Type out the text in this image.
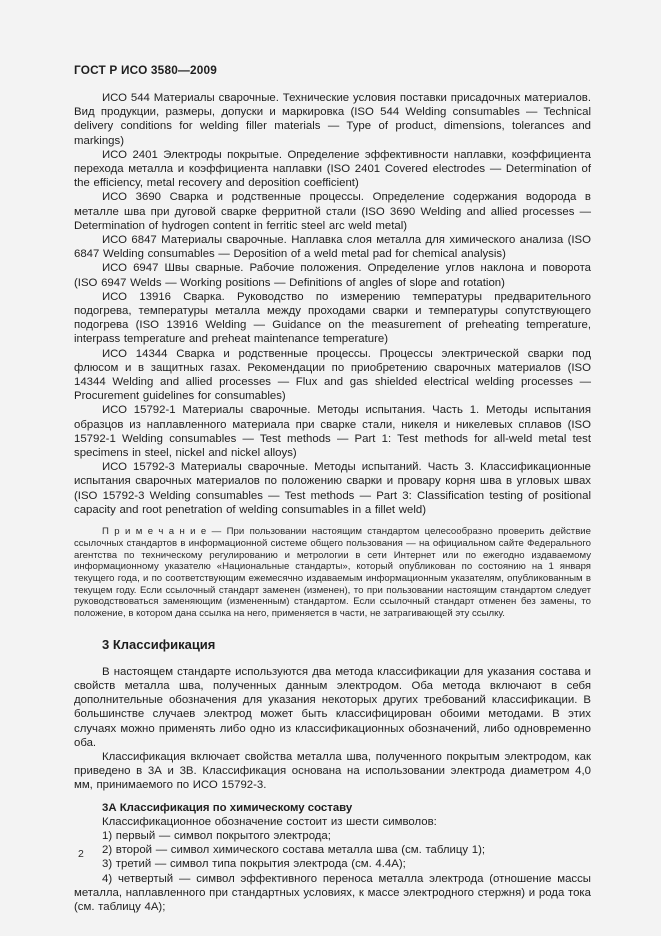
ГОСТ Р ИСО 3580—2009

ИСО 544 Материалы сварочные. Технические условия поставки присадочных материалов. Вид продукции, размеры, допуски и маркировка (ISO 544 Welding consumables — Technical delivery conditions for welding filler materials — Type of product, dimensions, tolerances and markings)

ИСО 2401 Электроды покрытые. Определение эффективности наплавки, коэффициента перехода металла и коэффициента наплавки (ISO 2401 Covered electrodes — Determination of the efficiency, metal recovery and deposition coefficient)

ИСО 3690 Сварка и родственные процессы. Определение содержания водорода в металле шва при дуговой сварке ферритной стали (ISO 3690 Welding and allied processes — Determination of hydrogen content in ferritic steel arc weld metal)

ИСО 6847 Материалы сварочные. Наплавка слоя металла для химического анализа (ISO 6847 Welding consumables — Deposition of a weld metal pad for chemical analysis)

ИСО 6947 Швы сварные. Рабочие положения. Определение углов наклона и поворота (ISO 6947 Welds — Working positions — Definitions of angles of slope and rotation)

ИСО 13916 Сварка. Руководство по измерению температуры предварительного подогрева, температуры металла между проходами сварки и температуры сопутствующего подогрева (ISO 13916 Welding — Guidance on the measurement of preheating temperature, interpass temperature and preheat maintenance temperature)

ИСО 14344 Сварка и родственные процессы. Процессы электрической сварки под флюсом и в защитных газах. Рекомендации по приобретению сварочных материалов (ISO 14344 Welding and allied processes — Flux and gas shielded electrical welding processes — Procurement guidelines for consumables)

ИСО 15792-1 Материалы сварочные. Методы испытания. Часть 1. Методы испытания образцов из наплавленного материала при сварке стали, никеля и никелевых сплавов (ISO 15792-1 Welding consumables — Test methods — Part 1: Test methods for all-weld metal test specimens in steel, nickel and nickel alloys)

ИСО 15792-3 Материалы сварочные. Методы испытаний. Часть 3. Классификационные испытания сварочных материалов по положению сварки и провару корня шва в угловых швах (ISO 15792-3 Welding consumables — Test methods — Part 3: Classification testing of positional capacity and root penetration of welding consumables in a fillet weld)

П р и м е ч а н и е — При пользовании настоящим стандартом целесообразно проверить действие ссылочных стандартов в информационной системе общего пользования — на официальном сайте Федерального агентства по техническому регулированию и метрологии в сети Интернет или по ежегодно издаваемому информационному указателю «Национальные стандарты», который опубликован по состоянию на 1 января текущего года, и по соответствующим ежемесячно издаваемым информационным указателям, опубликованным в текущем году. Если ссылочный стандарт заменен (изменен), то при пользовании настоящим стандартом следует руководствоваться заменяющим (измененным) стандартом. Если ссылочный стандарт отменен без замены, то положение, в котором дана ссылка на него, применяется в части, не затрагивающей эту ссылку.

3 Классификация

В настоящем стандарте используются два метода классификации для указания состава и свойств металла шва, полученных данным электродом. Оба метода включают в себя дополнительные обозначения для указания некоторых других требований классификации. В большинстве случаев электрод может быть классифицирован обоими методами. В этих случаях можно применять либо одно из классификационных обозначений, либо одновременно оба.

Классификация включает свойства металла шва, полученного покрытым электродом, как приведено в 3А и 3В. Классификация основана на использовании электрода диаметром 4,0 мм, принимаемого по ИСО 15792-3.

3А Классификация по химическому составу

Классификационное обозначение состоит из шести символов:

1) первый — символ покрытого электрода;

2) второй — символ химического состава металла шва (см. таблицу 1);

3) третий — символ типа покрытия электрода (см. 4.4А);

4) четвертый — символ эффективного переноса металла электрода (отношение массы металла, наплавленного при стандартных условиях, к массе электродного стержня) и рода тока (см. таблицу 4А);

2
